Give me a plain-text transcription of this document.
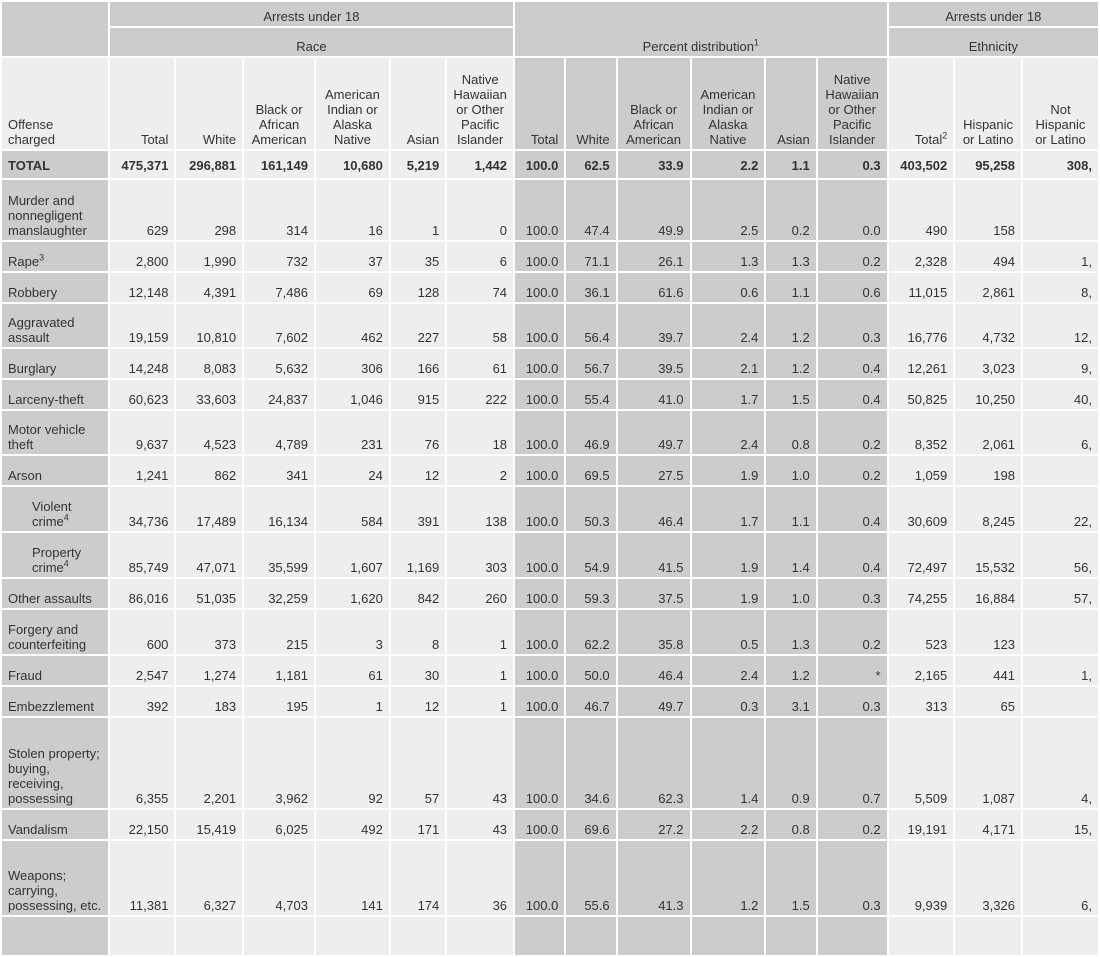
	Arrests under 18						Percent distribution$^1$						Arrests under 18		
	Race												Ethnicity		
Offense charged	Total	White	Black or African American	American Indian or Alaska Native	Asian	Native Hawaiian or Other Pacific Islander	Total	White	Black or African American	American Indian or Alaska Native	Asian	Native Hawaiian or Other Pacific Islander	Total$^2$	Hispanic or Latino	Not Hispanic or Latino
TOTAL	475,371	296,881	161,149	10,680	5,219	1,442	100.0	62.5	33.9	2.2	1.1	0.3	403,502	95,258	308,
Murder and nonnegligent manslaughter	629	298	314	16	1	0	100.0	47.4	49.9	2.5	0.2	0.0	490	158	
Rape$^3$	2,800	1,990	732	37	35	6	100.0	71.1	26.1	1.3	1.3	0.2	2,328	494	1,
Robbery	12,148	4,391	7,486	69	128	74	100.0	36.1	61.6	0.6	1.1	0.6	11,015	2,861	8,
Aggravated assault	19,159	10,810	7,602	462	227	58	100.0	56.4	39.7	2.4	1.2	0.3	16,776	4,732	12,
Burglary	14,248	8,083	5,632	306	166	61	100.0	56.7	39.5	2.1	1.2	0.4	12,261	3,023	9,
Larceny-theft	60,623	33,603	24,837	1,046	915	222	100.0	55.4	41.0	1.7	1.5	0.4	50,825	10,250	40,
Motor vehicle theft	9,637	4,523	4,789	231	76	18	100.0	46.9	49.7	2.4	0.8	0.2	8,352	2,061	6,
Arson	1,241	862	341	24	12	2	100.0	69.5	27.5	1.9	1.0	0.2	1,059	198	
Violent crime$^4$	34,736	17,489	16,134	584	391	138	100.0	50.3	46.4	1.7	1.1	0.4	30,609	8,245	22,
Property crime$^4$	85,749	47,071	35,599	1,607	1,169	303	100.0	54.9	41.5	1.9	1.4	0.4	72,497	15,532	56,
Other assaults	86,016	51,035	32,259	1,620	842	260	100.0	59.3	37.5	1.9	1.0	0.3	74,255	16,884	57,
Forgery and counterfeiting	600	373	215	3	8	1	100.0	62.2	35.8	0.5	1.3	0.2	523	123	
Fraud	2,547	1,274	1,181	61	30	1	100.0	50.0	46.4	2.4	1.2	*	2,165	441	1,
Embezzlement	392	183	195	1	12	1	100.0	46.7	49.7	0.3	3.1	0.3	313	65	
Stolen property; buying, receiving, possessing	6,355	2,201	3,962	92	57	43	100.0	34.6	62.3	1.4	0.9	0.7	5,509	1,087	4,
Vandalism	22,150	15,419	6,025	492	171	43	100.0	69.6	27.2	2.2	0.8	0.2	19,191	4,171	15,
Weapons; carrying, possessing, etc.	11,381	6,327	4,703	141	174	36	100.0	55.6	41.3	1.2	1.5	0.3	9,939	3,326	6,
